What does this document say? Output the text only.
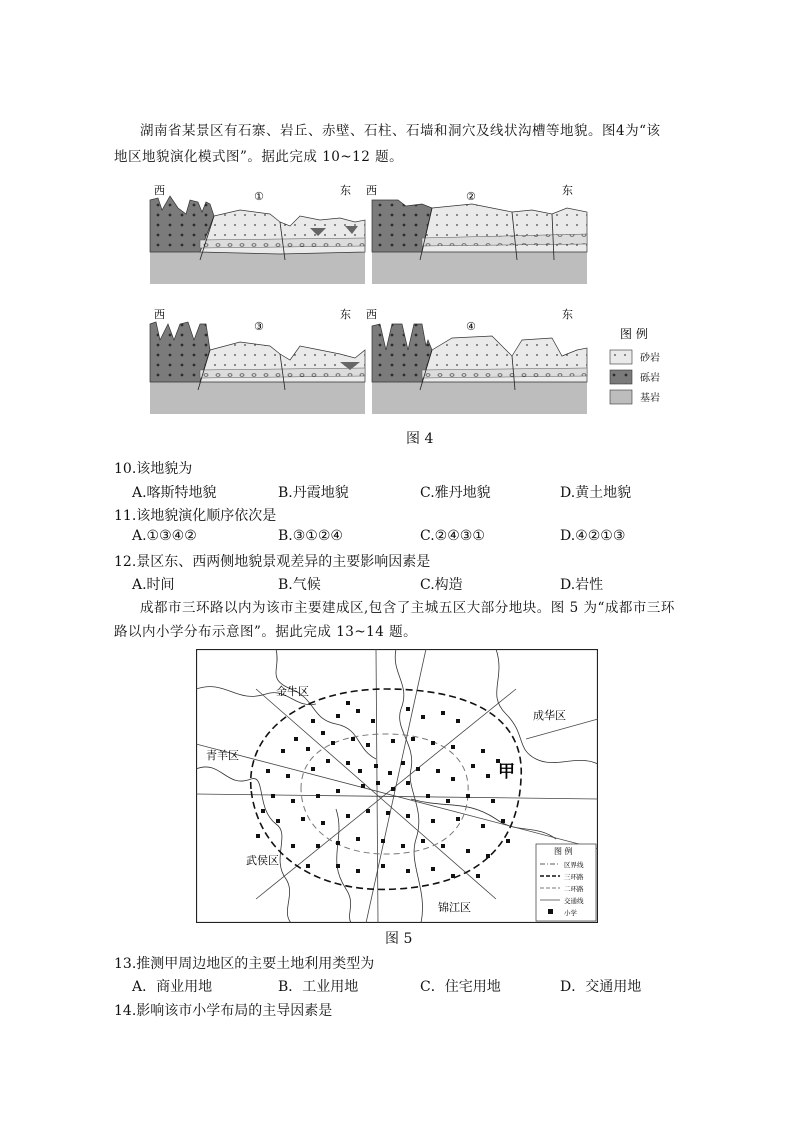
湖南省某景区有石寨、岩丘、赤壁、石柱、石墙和洞穴及线状沟槽等地貌。图4为“该
地区地貌演化模式图”。据此完成 10~12 题。
西	①	东 西	②	东
西
③
东 西
④
东
图 例
砂岩
砾岩
基岩
图 4
10.该地貌为
A.喀斯特地貌	B.丹霞地貌	C.雅丹地貌	D.黄土地貌
11.该地貌演化顺序依次是
A.①③④②	B.③①②④	C.②④③①	D.④②①③
12.景区东、西两侧地貌景观差异的主要影响因素是
A.时间	B.气候	C.构造	D.岩性
成都市三环路以内为该市主要建成区,包含了主城五区大部分地块。图 5 为“成都市三环
路以内小学分布示意图”。据此完成 13~14 题。
金牛区
成华区
青羊区
武侯区
锦江区
甲
图 例
区界线
三环路
二环路
交通线
小学
图 5
13.推测甲周边地区的主要土地利用类型为
A．商业用地	B．工业用地	C．住宅用地	D．交通用地
14.影响该市小学布局的主导因素是
